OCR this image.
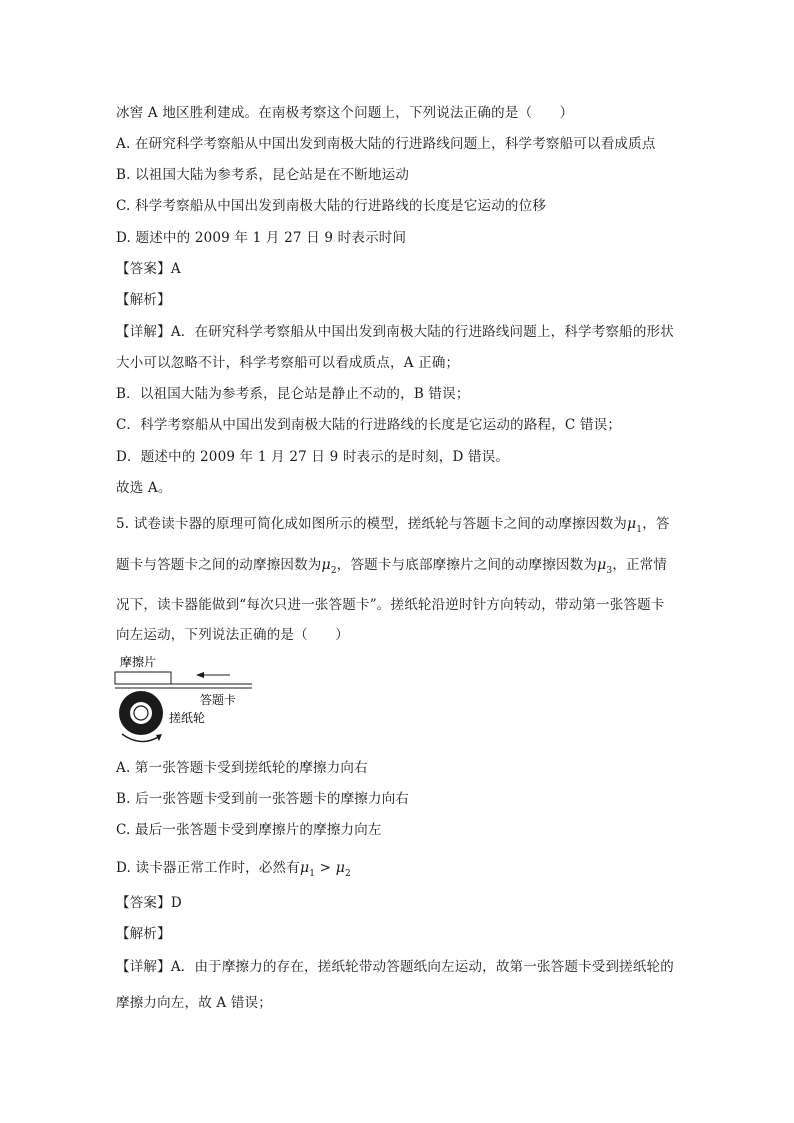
冰窖 A 地区胜利建成。在南极考察这个问题上，下列说法正确的是（　　）
A. 在研究科学考察船从中国出发到南极大陆的行进路线问题上，科学考察船可以看成质点
B. 以祖国大陆为参考系，昆仑站是在不断地运动
C. 科学考察船从中国出发到南极大陆的行进路线的长度是它运动的位移
D. 题述中的 2009 年 1 月 27 日 9 时表示时间
【答案】A
【解析】
【详解】A．在研究科学考察船从中国出发到南极大陆的行进路线问题上，科学考察船的形状
大小可以忽略不计，科学考察船可以看成质点，A 正确；
B．以祖国大陆为参考系，昆仑站是静止不动的，B 错误；
C．科学考察船从中国出发到南极大陆的行进路线的长度是它运动的路程，C 错误；
D．题述中的 2009 年 1 月 27 日 9 时表示的是时刻，D 错误。
故选 A。
5. 试卷读卡器的原理可简化成如图所示的模型，搓纸轮与答题卡之间的动摩擦因数为$\mu_1$，答
题卡与答题卡之间的动摩擦因数为$\mu_2$，答题卡与底部摩擦片之间的动摩擦因数为$\mu_3$，正常情
况下，读卡器能做到“每次只进一张答题卡”。搓纸轮沿逆时针方向转动，带动第一张答题卡
向左运动，下列说法正确的是（　　）
摩擦片
答题卡
搓纸轮
A. 第一张答题卡受到搓纸轮的摩擦力向右
B. 后一张答题卡受到前一张答题卡的摩擦力向右
C. 最后一张答题卡受到摩擦片的摩擦力向左
D. 读卡器正常工作时，必然有$\mu_1 > \mu_2$
【答案】D
【解析】
【详解】A．由于摩擦力的存在，搓纸轮带动答题纸向左运动，故第一张答题卡受到搓纸轮的
摩擦力向左，故 A 错误；
